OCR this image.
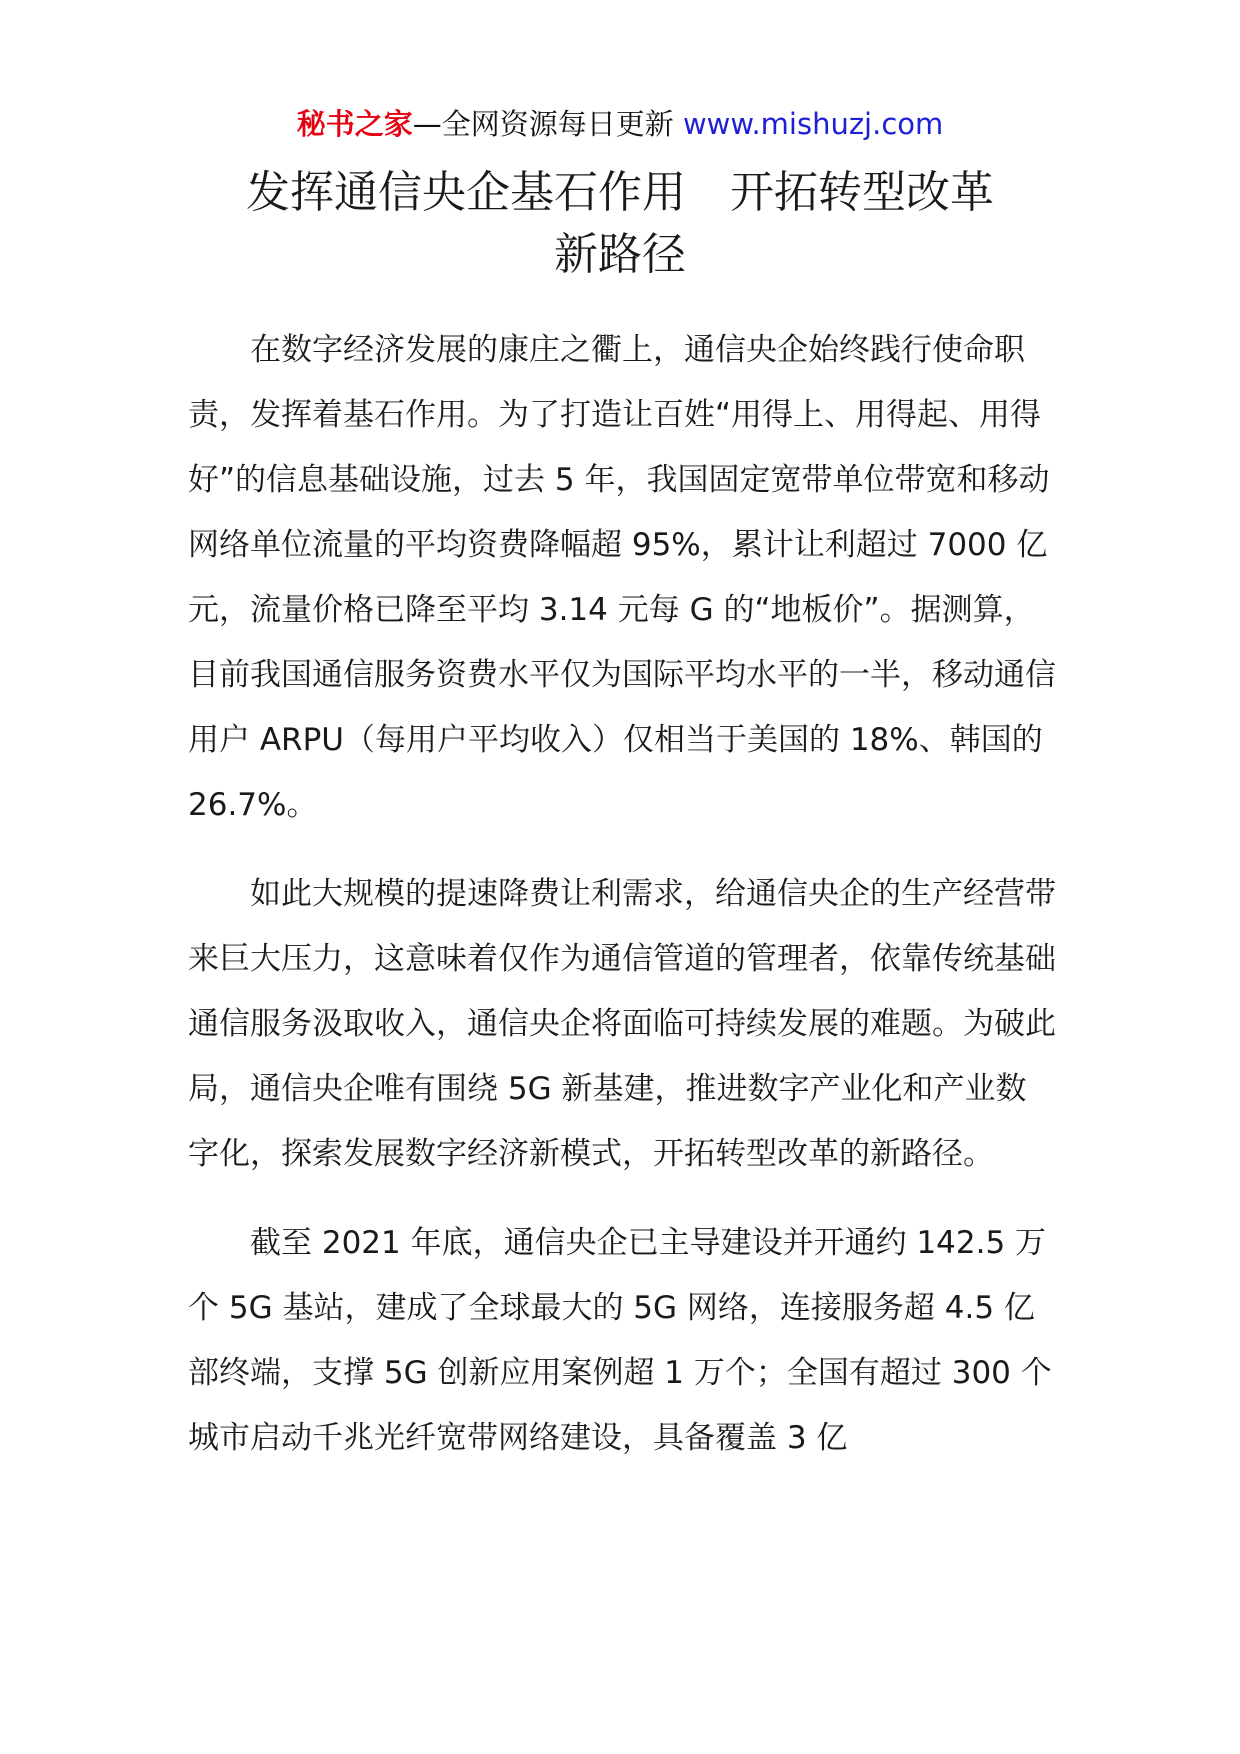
秘书之家—全网资源每日更新 www.mishuzj.com
发挥通信央企基石作用　开拓转型改革
新路径

在数字经济发展的康庄之衢上，通信央企始终践行使命职责，发挥着基石作用。为了打造让百姓“用得上、用得起、用得好”的信息基础设施，过去 5 年，我国固定宽带单位带宽和移动网络单位流量的平均资费降幅超 95%，累计让利超过 7000 亿元，流量价格已降至平均 3.14 元每 G 的“地板价”。据测算，目前我国通信服务资费水平仅为国际平均水平的一半，移动通信用户 ARPU（每用户平均收入）仅相当于美国的 18%、韩国的 26.7%。

如此大规模的提速降费让利需求，给通信央企的生产经营带来巨大压力，这意味着仅作为通信管道的管理者，依靠传统基础通信服务汲取收入，通信央企将面临可持续发展的难题。为破此局，通信央企唯有围绕 5G 新基建，推进数字产业化和产业数字化，探索发展数字经济新模式，开拓转型改革的新路径。

截至 2021 年底，通信央企已主导建设并开通约 142.5 万个 5G 基站，建成了全球最大的 5G 网络，连接服务超 4.5 亿部终端，支撑 5G 创新应用案例超 1 万个；全国有超过 300 个城市启动千兆光纤宽带网络建设，具备覆盖 3 亿
